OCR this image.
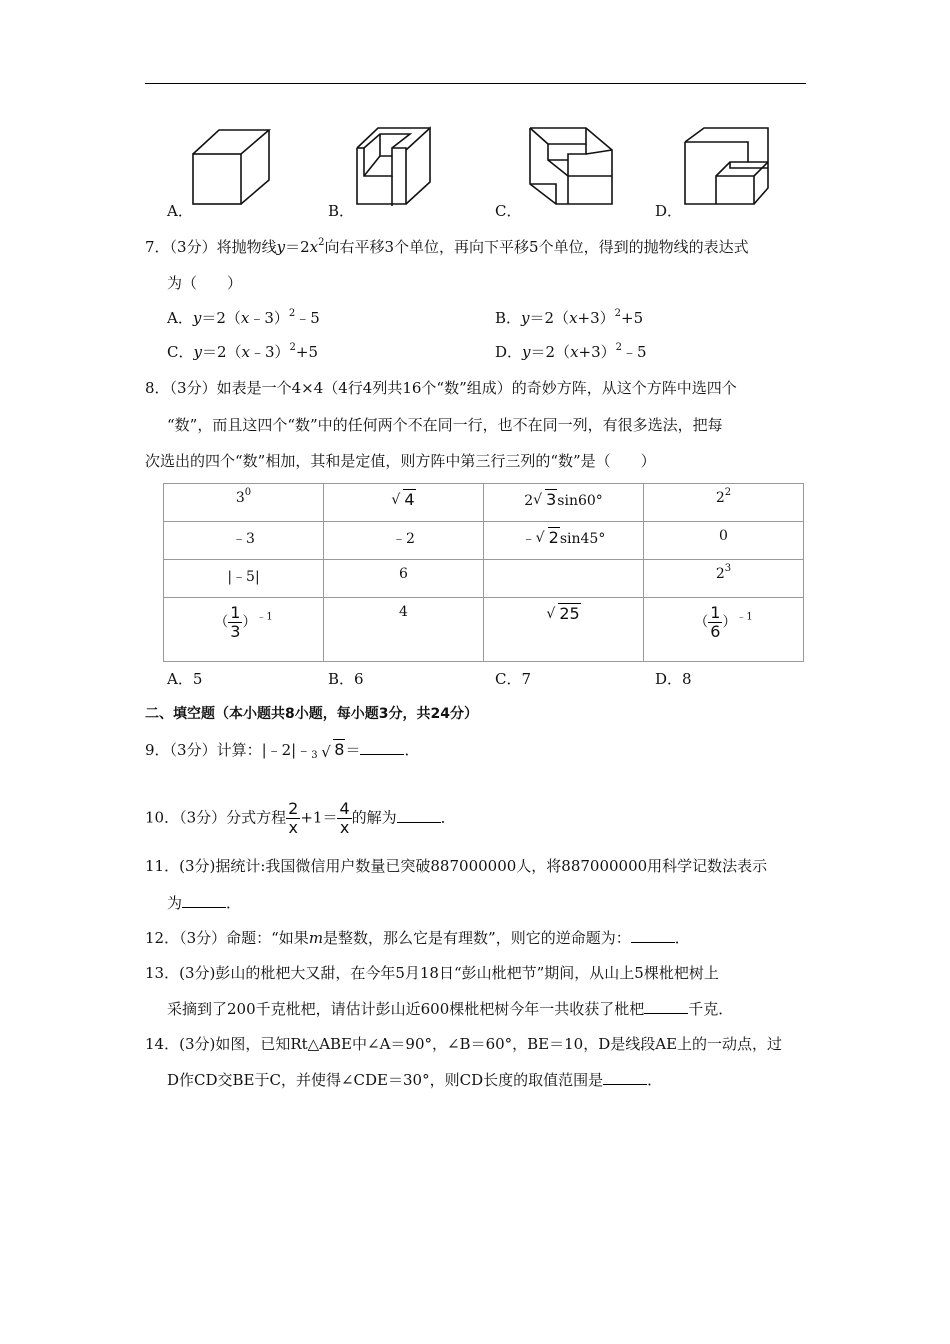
A．	B．	C．	D．
7．（3分）将抛物线$y=2x^2$向右平移3个单位，再向下平移5个单位，得到的抛物线的表达式
为（　　）
A．y＝2（x﹣3）$^2$﹣5	B．$y=2(x+3)^2+5$
C．y＝2（x﹣3）$^2$+5	D．$y=2(x+3)^2﹣5$
8．（3分）如表是一个4×4（4行4列共16个“数”组成）的奇妙方阵，从这个方阵中选四个
“数”，而且这四个“数”中的任何两个不在同一行，也不在同一列，有很多选法，把每
次选出的四个“数”相加，其和是定值，则方阵中第三行三列的“数”是（　　）
$3^0$	√ 4	2 √ 3sin60°	$2^2$
﹣3	﹣2	﹣ √ 2sin45°	0
|﹣5|	6		$2^3$
（ $\frac{1}{3} )^{﹣1}$	4	√ 25	（ $\frac{1}{6} )^{﹣1}$
A．5	B．6	C．7	D．8
二、填空题（本小题共8小题，每小题3分，共24分）
9．（3分）计算：|﹣2|﹣ 3 √ 8＝	．
10．（3分）分式方程 $\frac{2}{x} +1= \frac{4}{x}$ 的解为	．
11．(3分)据统计:我国微信用户数量已突破887000000人，将887000000用科学记数法表示
为	．
12．（3分）命题：“如果m是整数，那么它是有理数”，则它的逆命题为：	．
13．(3分)彭山的枇杷大又甜，在今年5月18日“彭山枇杷节”期间，从山上5棵枇杷树上
采摘到了200千克枇杷，请估计彭山近600棵枇杷树今年一共收获了枇杷	千克．
14．(3分)如图，已知Rt△ABE中∠A＝90°，∠B＝60°，BE＝10，D是线段AE上的一动点，过
D作CD交BE于C，并使得∠CDE＝30°，则CD长度的取值范围是	．
